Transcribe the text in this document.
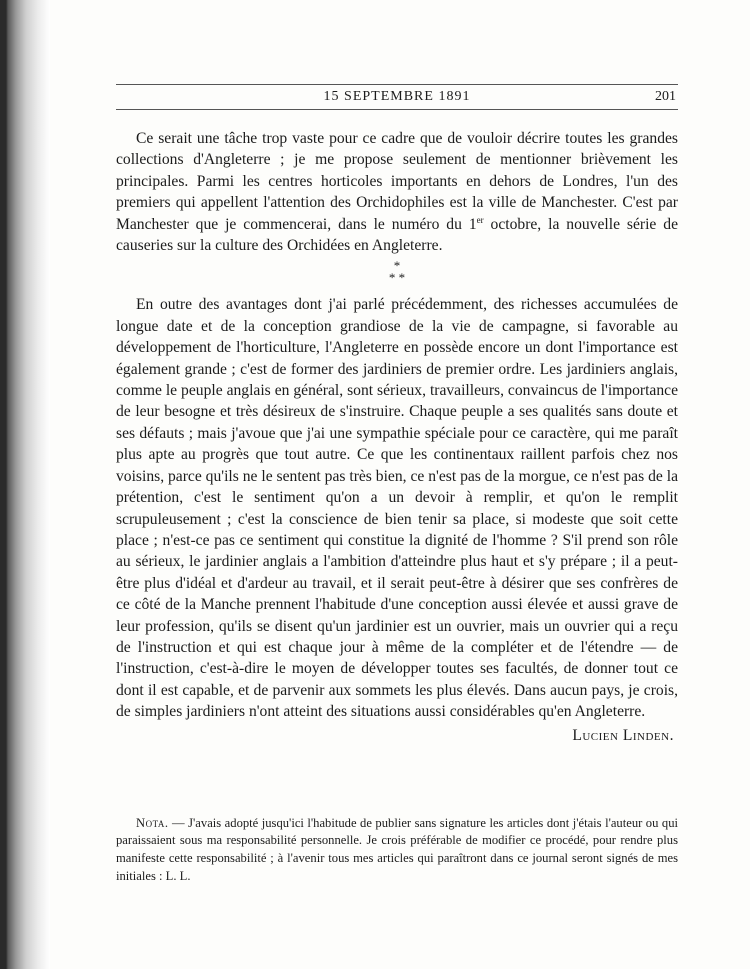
15 SEPTEMBRE 1891	201

Ce serait une tâche trop vaste pour ce cadre que de vouloir décrire toutes les grandes collections d'Angleterre ; je me propose seulement de mentionner brièvement les principales. Parmi les centres horticoles importants en dehors de Londres, l'un des premiers qui appellent l'attention des Orchidophiles est la ville de Manchester. C'est par Manchester que je commencerai, dans le numéro du 1er octobre, la nouvelle série de causeries sur la culture des Orchidées en Angleterre.

*
* *

En outre des avantages dont j'ai parlé précédemment, des richesses accumulées de longue date et de la conception grandiose de la vie de campagne, si favorable au développement de l'horticulture, l'Angleterre en possède encore un dont l'importance est également grande ; c'est de former des jardiniers de premier ordre. Les jardiniers anglais, comme le peuple anglais en général, sont sérieux, travailleurs, convaincus de l'importance de leur besogne et très désireux de s'instruire. Chaque peuple a ses qualités sans doute et ses défauts ; mais j'avoue que j'ai une sympathie spéciale pour ce caractère, qui me paraît plus apte au progrès que tout autre. Ce que les continentaux raillent parfois chez nos voisins, parce qu'ils ne le sentent pas très bien, ce n'est pas de la morgue, ce n'est pas de la prétention, c'est le sentiment qu'on a un devoir à remplir, et qu'on le remplit scrupuleusement ; c'est la conscience de bien tenir sa place, si modeste que soit cette place ; n'est-ce pas ce sentiment qui constitue la dignité de l'homme ? S'il prend son rôle au sérieux, le jardinier anglais a l'ambition d'atteindre plus haut et s'y prépare ; il a peut-être plus d'idéal et d'ardeur au travail, et il serait peut-être à désirer que ses confrères de ce côté de la Manche prennent l'habitude d'une conception aussi élevée et aussi grave de leur profession, qu'ils se disent qu'un jardinier est un ouvrier, mais un ouvrier qui a reçu de l'instruction et qui est chaque jour à même de la compléter et de l'étendre — de l'instruction, c'est-à-dire le moyen de développer toutes ses facultés, de donner tout ce dont il est capable, et de parvenir aux sommets les plus élevés. Dans aucun pays, je crois, de simples jardiniers n'ont atteint des situations aussi considérables qu'en Angleterre.

Lucien Linden.

Nota. — J'avais adopté jusqu'ici l'habitude de publier sans signature les articles dont j'étais l'auteur ou qui paraissaient sous ma responsabilité personnelle. Je crois préférable de modifier ce procédé, pour rendre plus manifeste cette responsabilité ; à l'avenir tous mes articles qui paraîtront dans ce journal seront signés de mes initiales : L. L.
